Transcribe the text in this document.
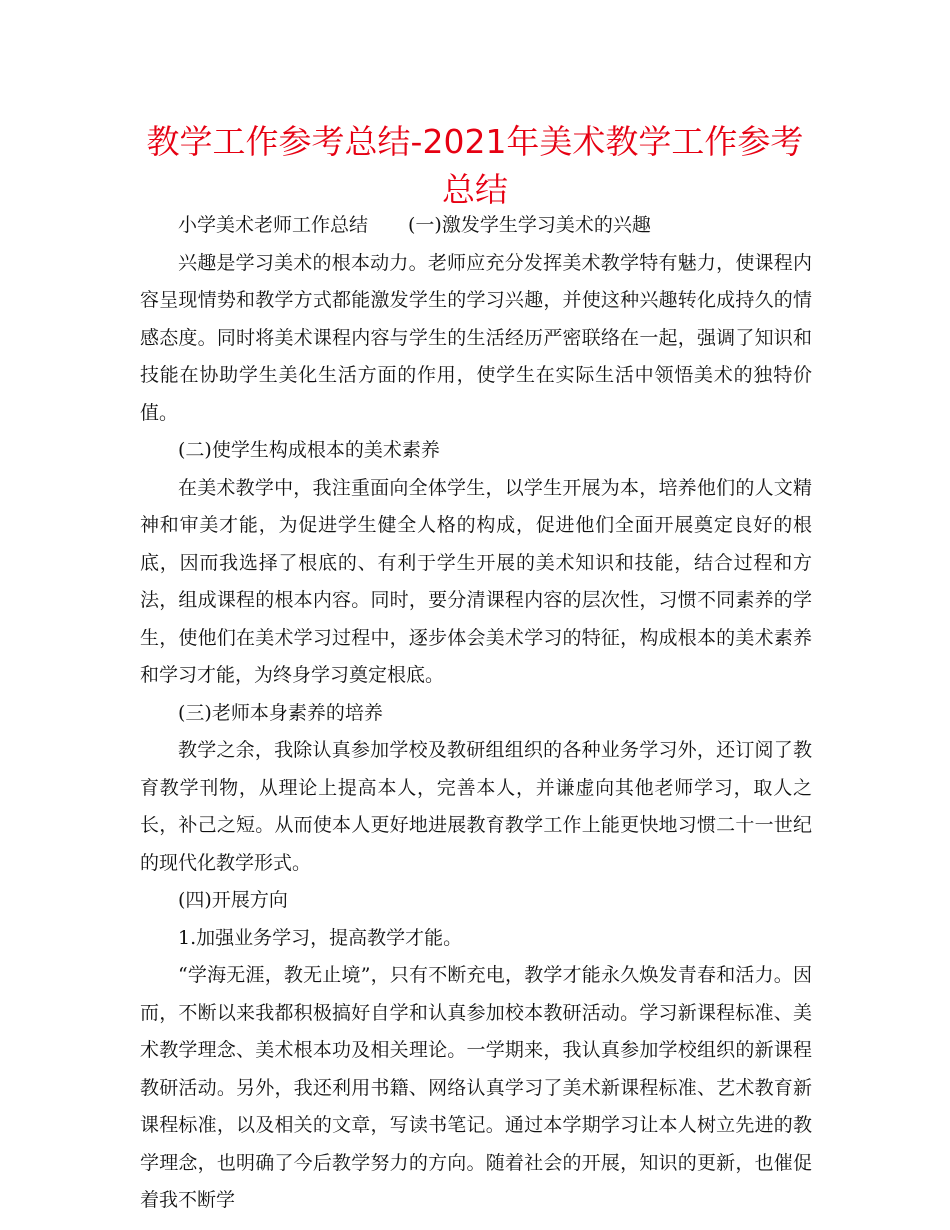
教学工作参考总结-2021年美术教学工作参考总结

小学美术老师工作总结 (一)激发学生学习美术的兴趣

兴趣是学习美术的根本动力。老师应充分发挥美术教学特有魅力，使课程内容呈现情势和教学方式都能激发学生的学习兴趣，并使这种兴趣转化成持久的情感态度。同时将美术课程内容与学生的生活经历严密联络在一起，强调了知识和技能在协助学生美化生活方面的作用，使学生在实际生活中领悟美术的独特价值。

(二)使学生构成根本的美术素养

在美术教学中，我注重面向全体学生，以学生开展为本，培养他们的人文精神和审美才能，为促进学生健全人格的构成，促进他们全面开展奠定良好的根底，因而我选择了根底的、有利于学生开展的美术知识和技能，结合过程和方法，组成课程的根本内容。同时，要分清课程内容的层次性，习惯不同素养的学生，使他们在美术学习过程中，逐步体会美术学习的特征，构成根本的美术素养和学习才能，为终身学习奠定根底。

(三)老师本身素养的培养

教学之余，我除认真参加学校及教研组组织的各种业务学习外，还订阅了教育教学刊物，从理论上提高本人，完善本人，并谦虚向其他老师学习，取人之长，补己之短。从而使本人更好地进展教育教学工作上能更快地习惯二十一世纪的现代化教学形式。

(四)开展方向

1.加强业务学习，提高教学才能。

“学海无涯，教无止境”，只有不断充电，教学才能永久焕发青春和活力。因而，不断以来我都积极搞好自学和认真参加校本教研活动。学习新课程标准、美术教学理念、美术根本功及相关理论。一学期来，我认真参加学校组织的新课程教研活动。另外，我还利用书籍、网络认真学习了美术新课程标准、艺术教育新课程标准，以及相关的文章，写读书笔记。通过本学期学习让本人树立先进的教学理念，也明确了今后教学努力的方向。随着社会的开展，知识的更新，也催促着我不断学
